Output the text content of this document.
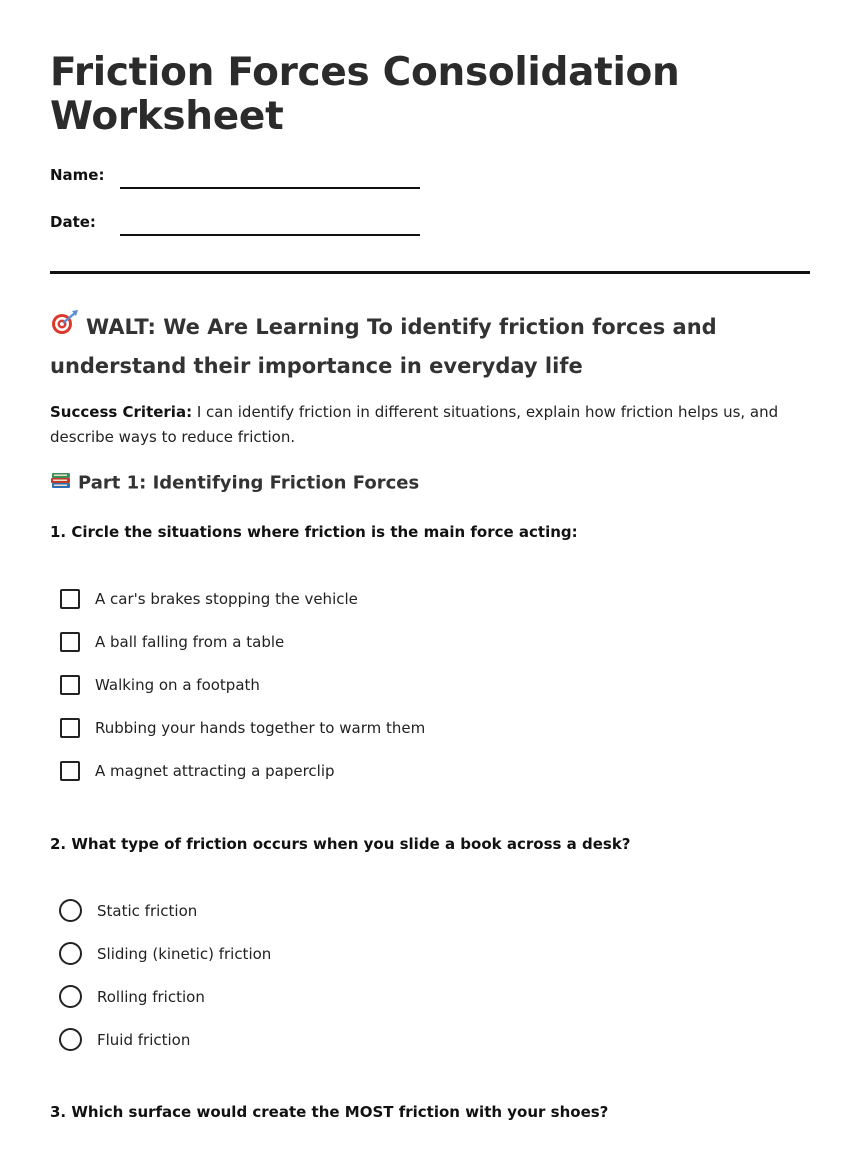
Friction Forces Consolidation Worksheet
Name:
Date:
WALT: We Are Learning To identify friction forces and understand their importance in everyday life
Success Criteria: I can identify friction in different situations, explain how friction helps us, and describe ways to reduce friction.
Part 1: Identifying Friction Forces
1. Circle the situations where friction is the main force acting:
A car's brakes stopping the vehicle
A ball falling from a table
Walking on a footpath
Rubbing your hands together to warm them
A magnet attracting a paperclip
2. What type of friction occurs when you slide a book across a desk?
Static friction
Sliding (kinetic) friction
Rolling friction
Fluid friction
3. Which surface would create the MOST friction with your shoes?
